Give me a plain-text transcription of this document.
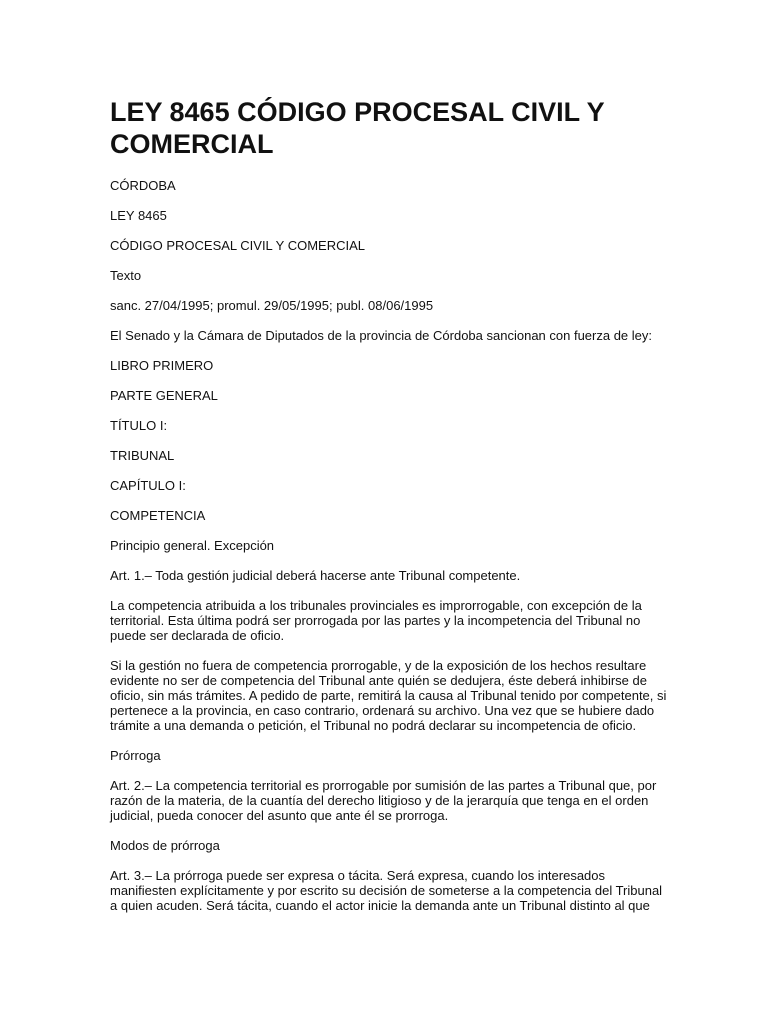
LEY 8465 CÓDIGO PROCESAL CIVIL Y COMERCIAL

CÓRDOBA

LEY 8465

CÓDIGO PROCESAL CIVIL Y COMERCIAL

Texto

sanc. 27/04/1995; promul. 29/05/1995; publ. 08/06/1995

El Senado y la Cámara de Diputados de la provincia de Córdoba sancionan con fuerza de ley:

LIBRO PRIMERO

PARTE GENERAL

TÍTULO I:

TRIBUNAL

CAPÍTULO I:

COMPETENCIA

Principio general. Excepción

Art. 1.– Toda gestión judicial deberá hacerse ante Tribunal competente.

La competencia atribuida a los tribunales provinciales es improrrogable, con excepción de la territorial. Esta última podrá ser prorrogada por las partes y la incompetencia del Tribunal no puede ser declarada de oficio.

Si la gestión no fuera de competencia prorrogable, y de la exposición de los hechos resultare evidente no ser de competencia del Tribunal ante quién se dedujera, éste deberá inhibirse de oficio, sin más trámites. A pedido de parte, remitirá la causa al Tribunal tenido por competente, si pertenece a la provincia, en caso contrario, ordenará su archivo. Una vez que se hubiere dado trámite a una demanda o petición, el Tribunal no podrá declarar su incompetencia de oficio.

Prórroga

Art. 2.– La competencia territorial es prorrogable por sumisión de las partes a Tribunal que, por razón de la materia, de la cuantía del derecho litigioso y de la jerarquía que tenga en el orden judicial, pueda conocer del asunto que ante él se prorroga.

Modos de prórroga

Art. 3.– La prórroga puede ser expresa o tácita. Será expresa, cuando los interesados manifiesten explícitamente y por escrito su decisión de someterse a la competencia del Tribunal a quien acuden. Será tácita, cuando el actor inicie la demanda ante un Tribunal distinto al que
